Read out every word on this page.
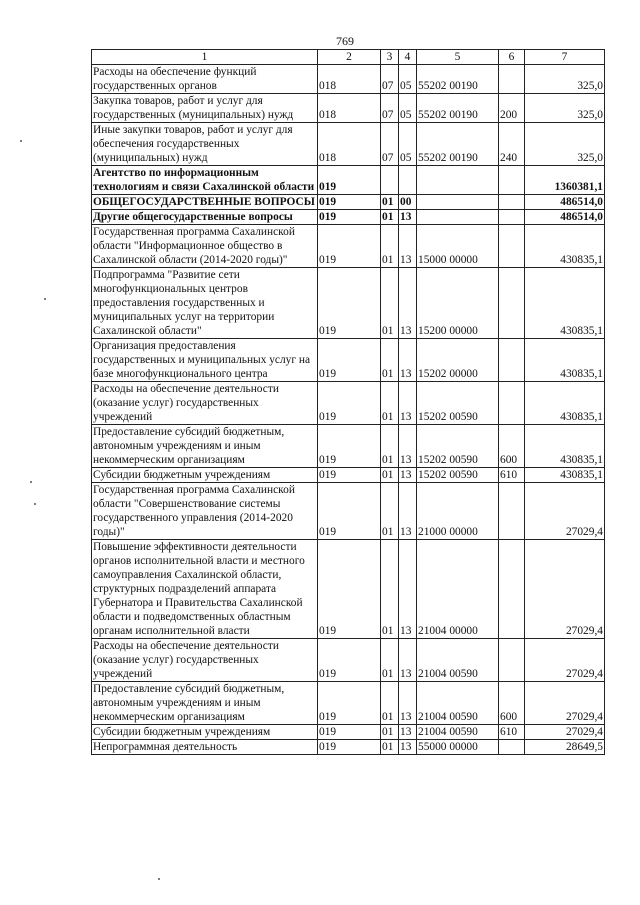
769
1	2	3	4	5	6	7
Расходы на обеспечение функций государственных органов	018	07	05	55202 00190		325,0
Закупка товаров, работ и услуг для государственных (муниципальных) нужд	018	07	05	55202 00190	200	325,0
Иные закупки товаров, работ и услуг для обеспечения государственных (муниципальных) нужд	018	07	05	55202 00190	240	325,0
Агентство по информационным технологиям и связи Сахалинской области	019					1360381,1
ОБЩЕГОСУДАРСТВЕННЫЕ ВОПРОСЫ	019	01	00			486514,0
Другие общегосударственные вопросы	019	01	13			486514,0
Государственная программа Сахалинской области "Информационное общество в Сахалинской области (2014-2020 годы)"	019	01	13	15000 00000		430835,1
Подпрограмма "Развитие сети многофункциональных центров предоставления государственных и муниципальных услуг на территории Сахалинской области"	019	01	13	15200 00000		430835,1
Организация предоставления государственных и муниципальных услуг на базе многофункционального центра	019	01	13	15202 00000		430835,1
Расходы на обеспечение деятельности (оказание услуг) государственных учреждений	019	01	13	15202 00590		430835,1
Предоставление субсидий бюджетным, автономным учреждениям и иным некоммерческим организациям	019	01	13	15202 00590	600	430835,1
Субсидии бюджетным учреждениям	019	01	13	15202 00590	610	430835,1
Государственная программа Сахалинской области "Совершенствование системы государственного управления (2014-2020 годы)"	019	01	13	21000 00000		27029,4
Повышение эффективности деятельности органов исполнительной власти и местного самоуправления Сахалинской области, структурных подразделений аппарата Губернатора и Правительства Сахалинской области и подведомственных областным органам исполнительной власти	019	01	13	21004 00000		27029,4
Расходы на обеспечение деятельности (оказание услуг) государственных учреждений	019	01	13	21004 00590		27029,4
Предоставление субсидий бюджетным, автономным учреждениям и иным некоммерческим организациям	019	01	13	21004 00590	600	27029,4
Субсидии бюджетным учреждениям	019	01	13	21004 00590	610	27029,4
Непрограммная деятельность	019	01	13	55000 00000		28649,5
